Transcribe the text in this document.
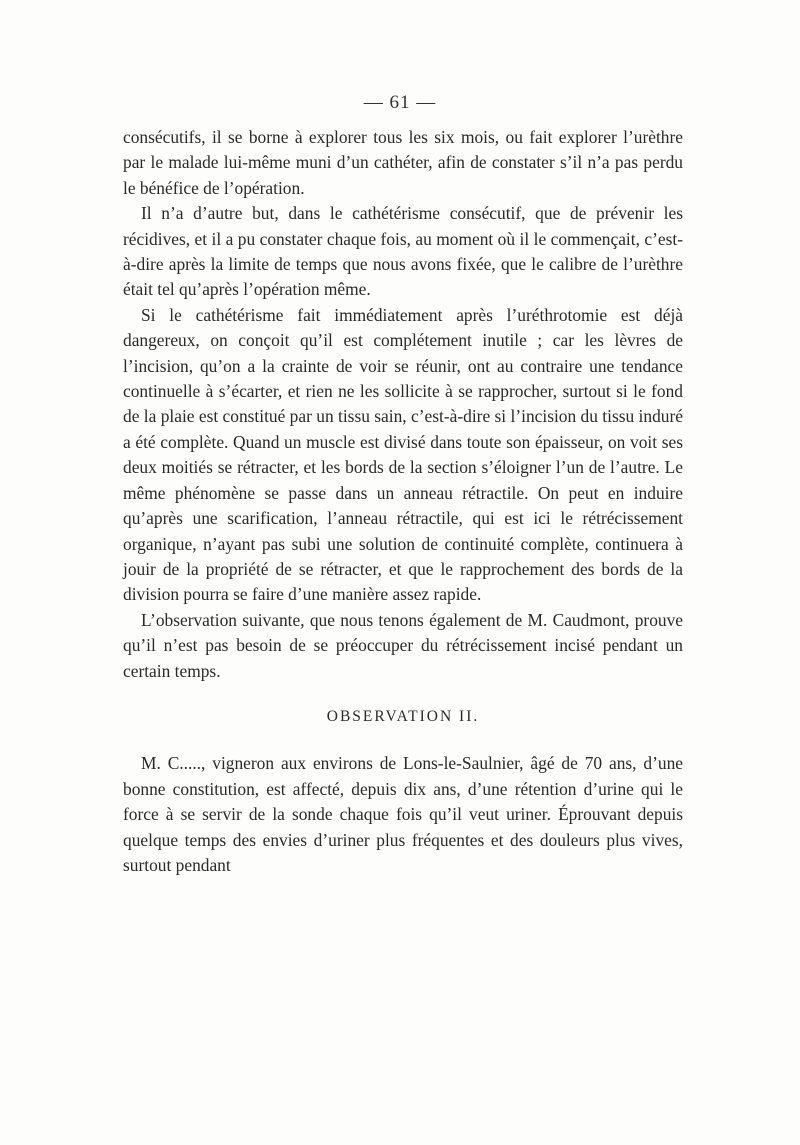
— 61 —

consécutifs, il se borne à explorer tous les six mois, ou fait explorer l’urèthre par le malade lui-même muni d’un cathéter, afin de constater s’il n’a pas perdu le bénéfice de l’opération.

Il n’a d’autre but, dans le cathétérisme consécutif, que de prévenir les récidives, et il a pu constater chaque fois, au moment où il le commençait, c’est-à-dire après la limite de temps que nous avons fixée, que le calibre de l’urèthre était tel qu’après l’opération même.

Si le cathétérisme fait immédiatement après l’uréthrotomie est déjà dangereux, on conçoit qu’il est complétement inutile ; car les lèvres de l’incision, qu’on a la crainte de voir se réunir, ont au contraire une tendance continuelle à s’écarter, et rien ne les sollicite à se rapprocher, surtout si le fond de la plaie est constitué par un tissu sain, c’est-à-dire si l’incision du tissu induré a été complète. Quand un muscle est divisé dans toute son épaisseur, on voit ses deux moitiés se rétracter, et les bords de la section s’éloigner l’un de l’autre. Le même phénomène se passe dans un anneau rétractile. On peut en induire qu’après une scarification, l’anneau rétractile, qui est ici le rétrécissement organique, n’ayant pas subi une solution de continuité complète, continuera à jouir de la propriété de se rétracter, et que le rapprochement des bords de la division pourra se faire d’une manière assez rapide.

L’observation suivante, que nous tenons également de M. Caudmont, prouve qu’il n’est pas besoin de se préoccuper du rétrécissement incisé pendant un certain temps.

OBSERVATION II.

M. C....., vigneron aux environs de Lons-le-Saulnier, âgé de 70 ans, d’une bonne constitution, est affecté, depuis dix ans, d’une rétention d’urine qui le force à se servir de la sonde chaque fois qu’il veut uriner. Éprouvant depuis quelque temps des envies d’uriner plus fréquentes et des douleurs plus vives, surtout pendant
